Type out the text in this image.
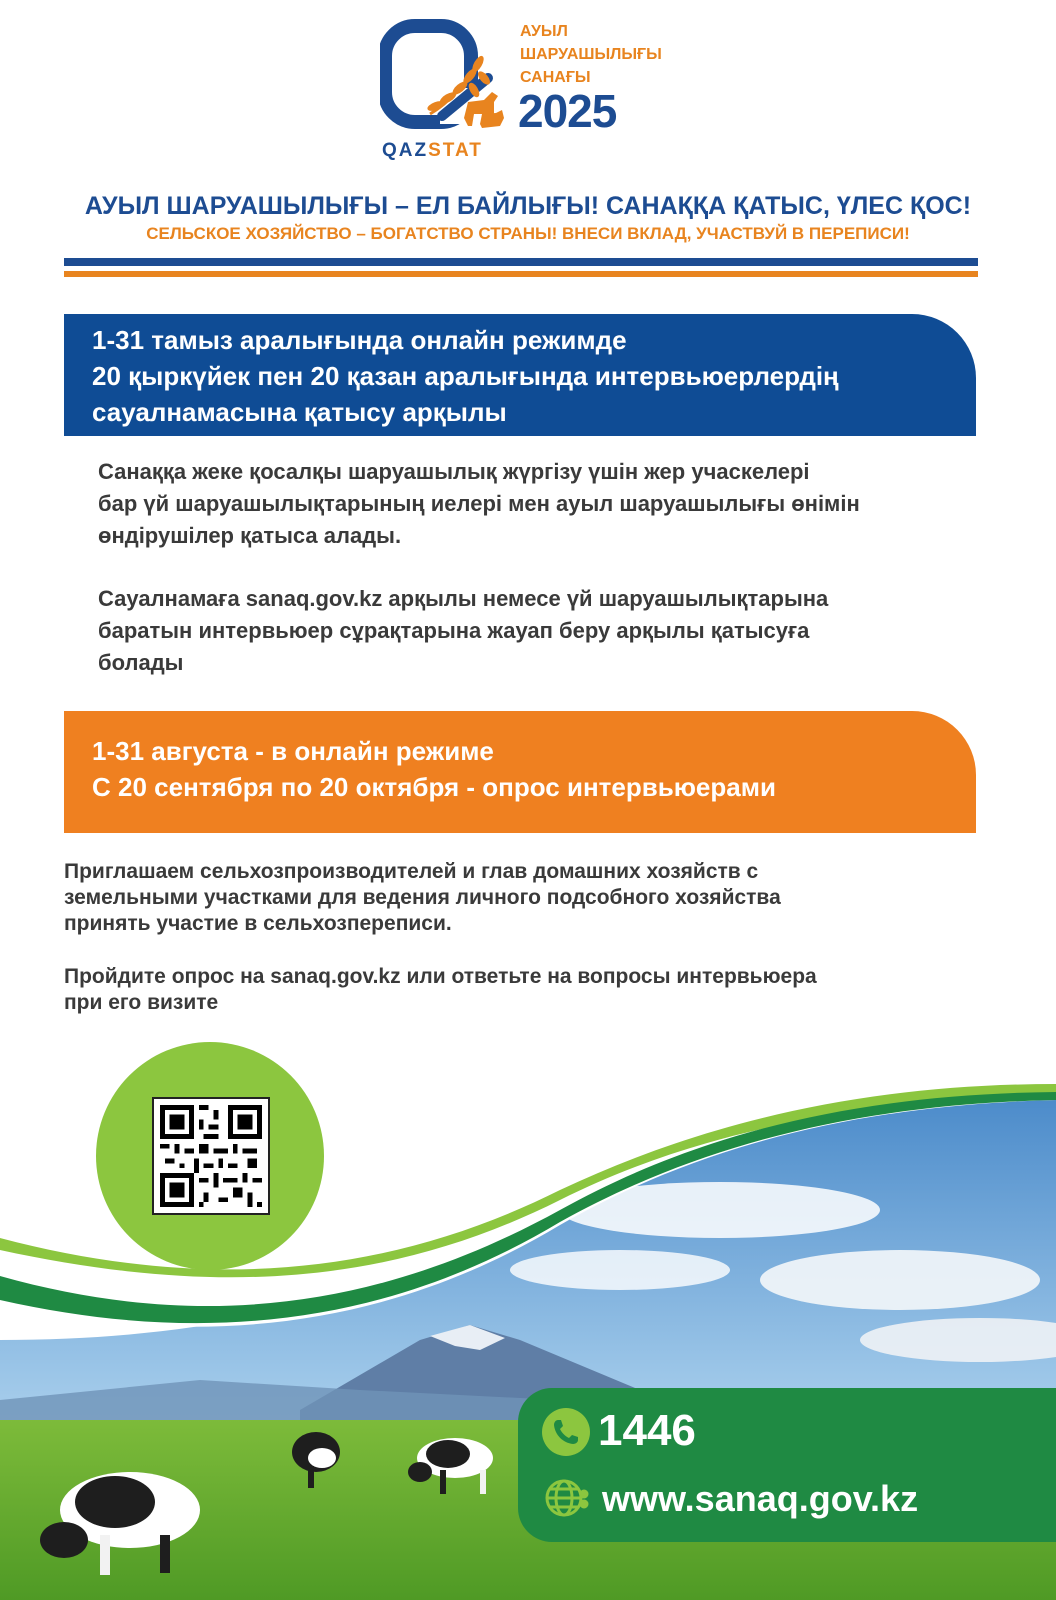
АУЫЛ
ШАРУАШЫЛЫҒЫ
САНАҒЫ
2025
QAZSTAT
АУЫЛ ШАРУАШЫЛЫҒЫ – ЕЛ БАЙЛЫҒЫ! САНАҚҚА ҚАТЫС, ҮЛЕС ҚОС!
СЕЛЬСКОЕ ХОЗЯЙСТВО – БОГАТСТВО СТРАНЫ! ВНЕСИ ВКЛАД, УЧАСТВУЙ В ПЕРЕПИСИ!
1-31 тамыз аралығында онлайн режимде
20 қыркүйек пен 20 қазан аралығында интервьюерлердің
сауалнамасына қатысу арқылы
Санаққа жеке қосалқы шаруашылық жүргізу үшін жер учаскелері
бар үй шаруашылықтарының иелері мен ауыл шаруашылығы өнімін
өндірушілер қатыса алады.
Сауалнамаға sanaq.gov.kz арқылы немесе үй шаруашылықтарына
баратын интервьюер сұрақтарына жауап беру арқылы қатысуға
болады
1-31 августа - в онлайн режиме
С 20 сентября по 20 октября - опрос интервьюерами
Приглашаем сельхозпроизводителей и глав домашних хозяйств с
земельными участками для ведения личного подсобного хозяйства
принять участие в сельхозпереписи.
Пройдите опрос на sanaq.gov.kz или ответьте на вопросы интервьюера
при его визите
1446
www.sanaq.gov.kz
